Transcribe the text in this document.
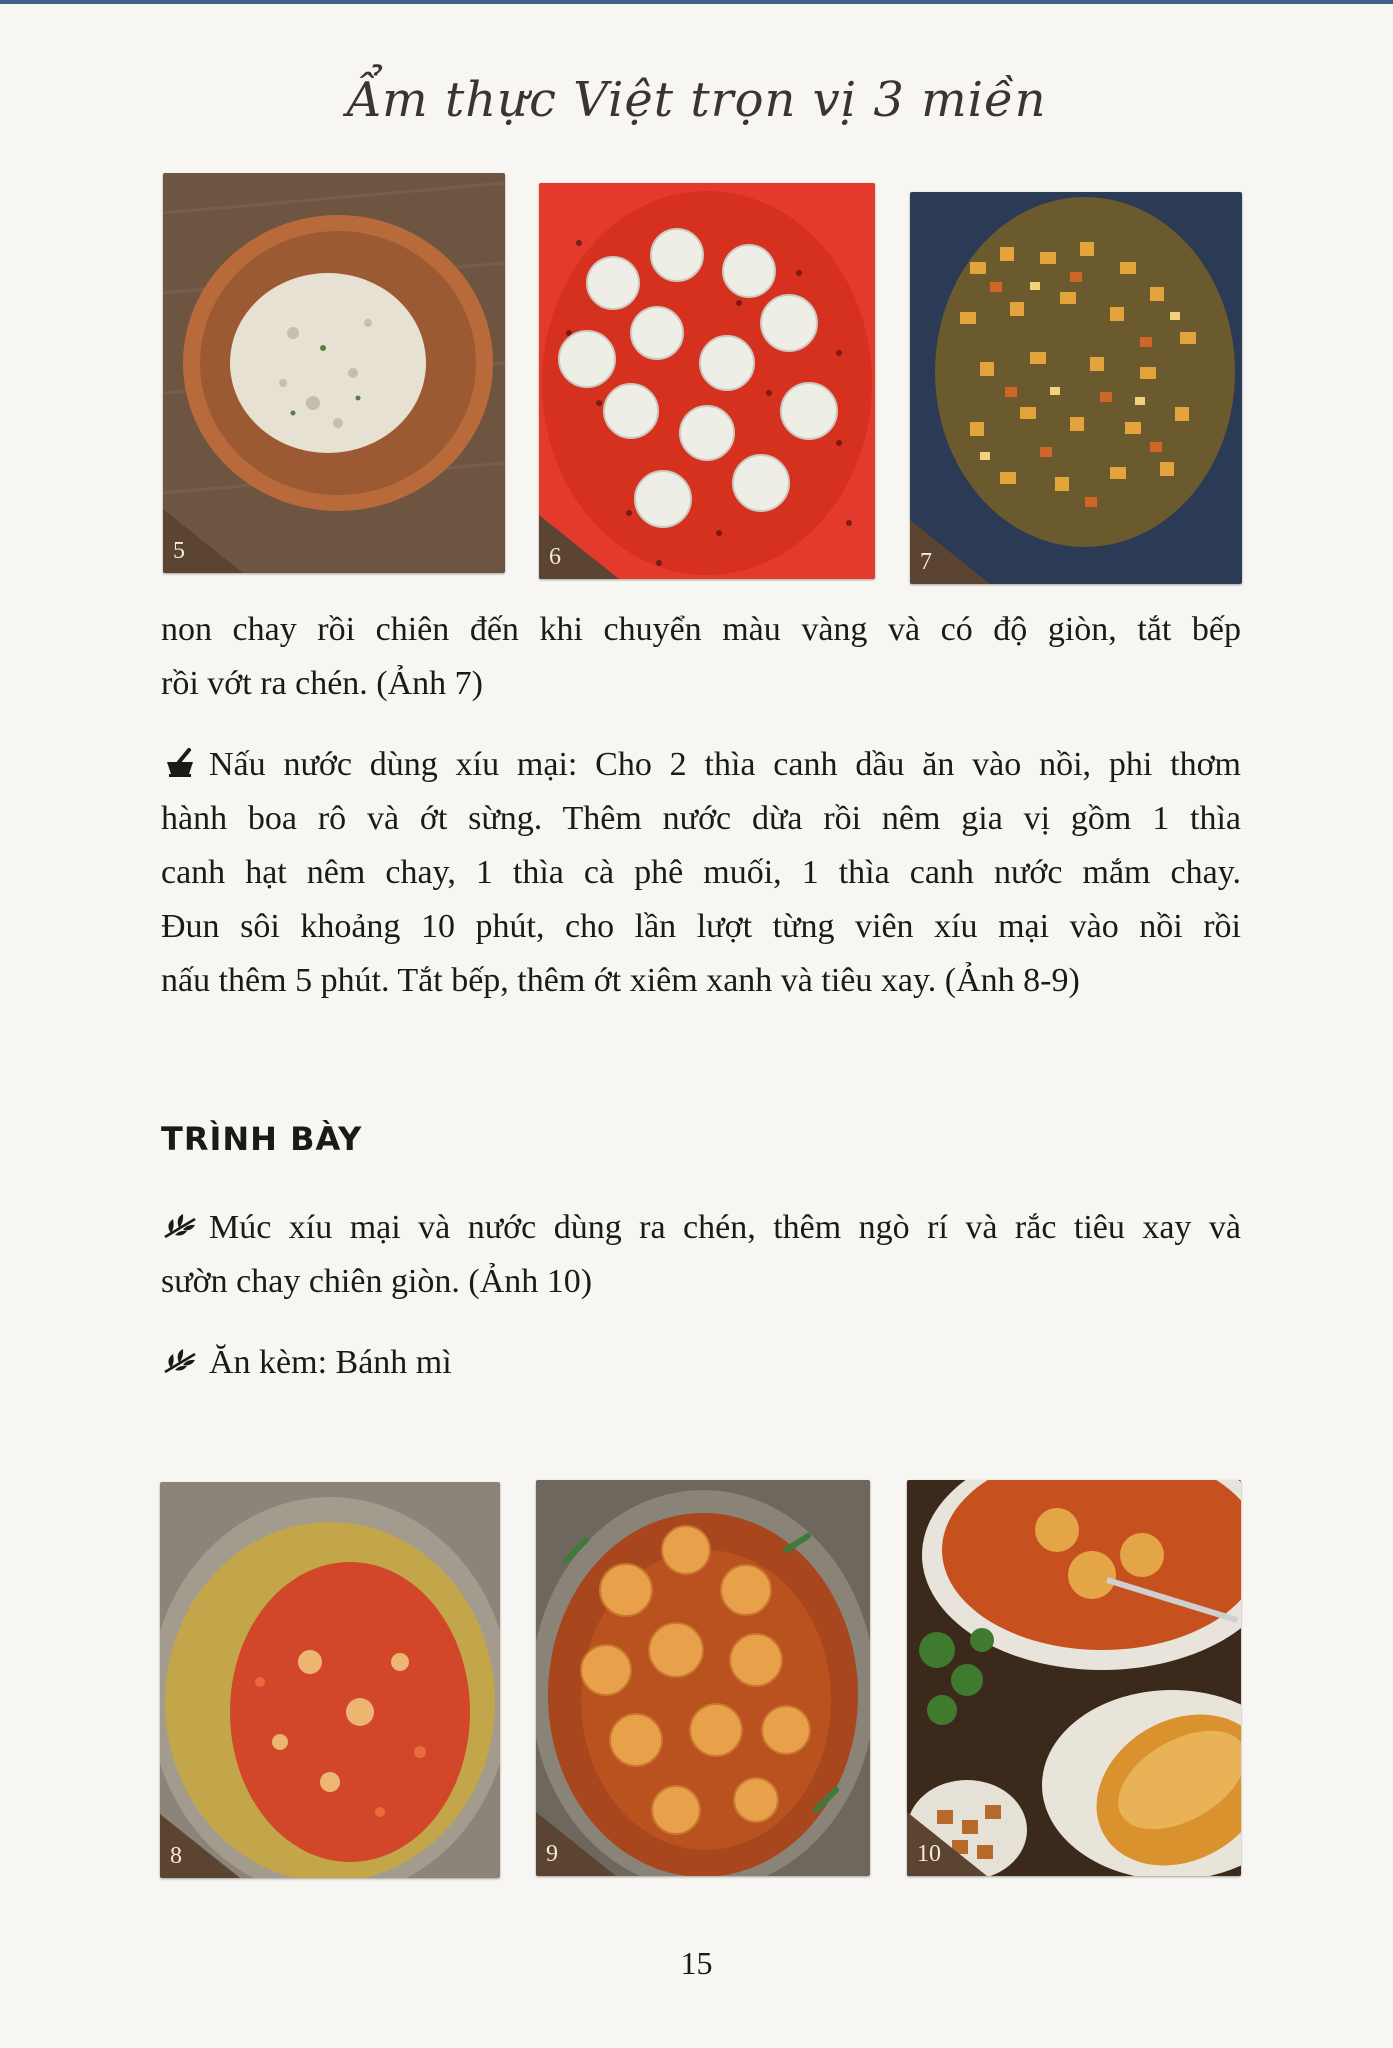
Ẩm thực Việt trọn vị 3 miền
5	6	7
non chay rồi chiên đến khi chuyển màu vàng và có độ giòn, tắt bếp
rồi vớt ra chén. (Ảnh 7)
Nấu nước dùng xíu mại: Cho 2 thìa canh dầu ăn vào nồi, phi thơm
hành boa rô và ớt sừng. Thêm nước dừa rồi nêm gia vị gồm 1 thìa
canh hạt nêm chay, 1 thìa cà phê muối, 1 thìa canh nước mắm chay.
Đun sôi khoảng 10 phút, cho lần lượt từng viên xíu mại vào nồi rồi
nấu thêm 5 phút. Tắt bếp, thêm ớt xiêm xanh và tiêu xay. (Ảnh 8-9)
TRÌNH BÀY
Múc xíu mại và nước dùng ra chén, thêm ngò rí và rắc tiêu xay và
sườn chay chiên giòn. (Ảnh 10)
Ăn kèm: Bánh mì
8	9	10
15
